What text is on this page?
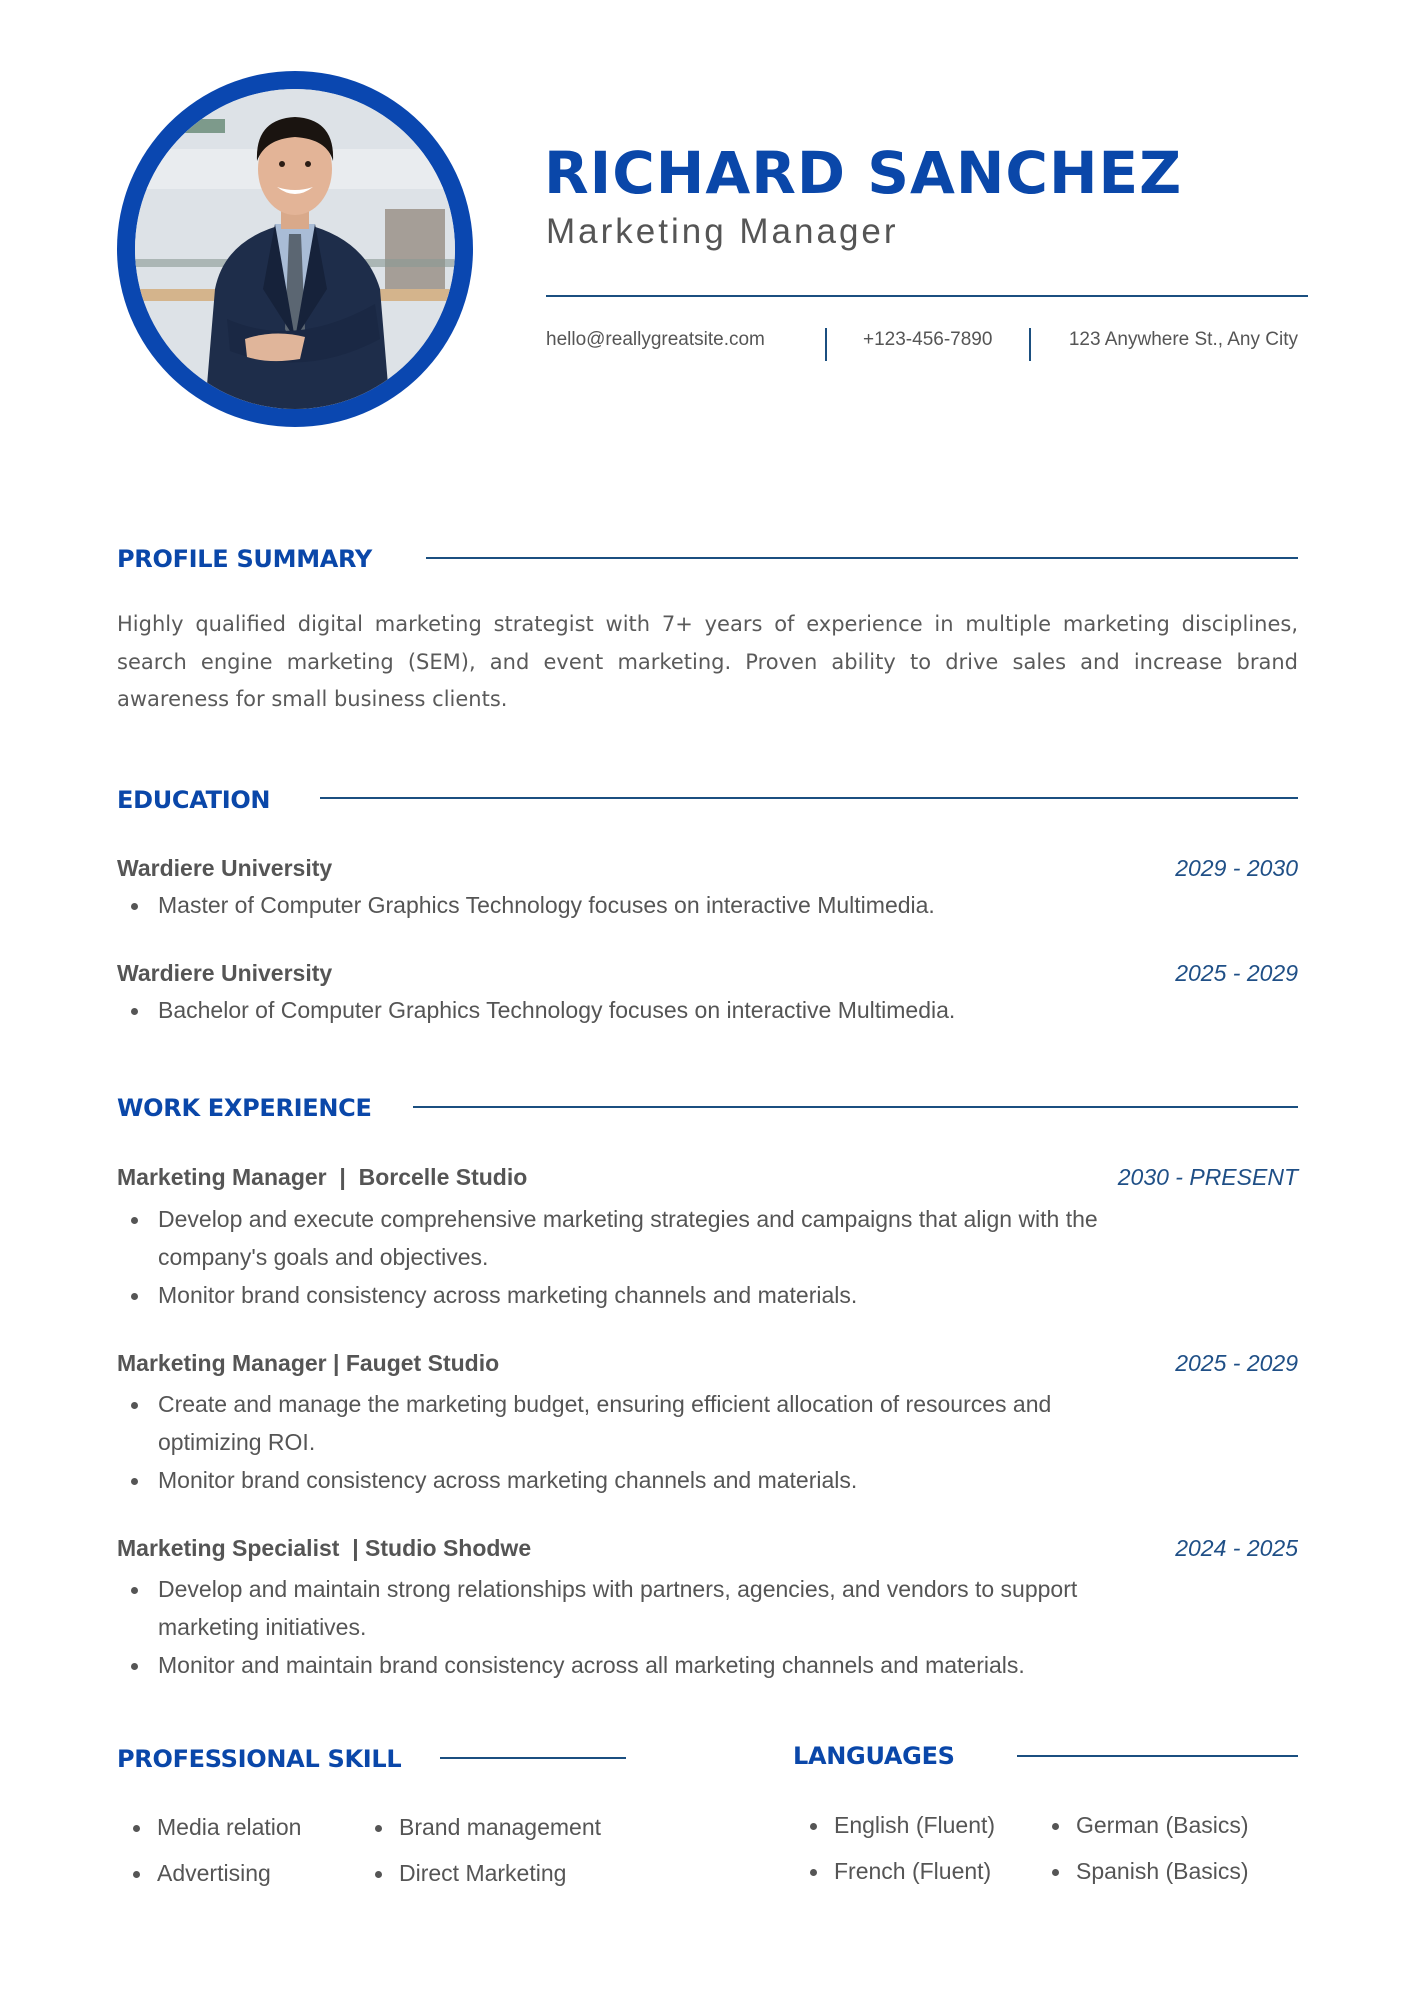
RICHARD SANCHEZ
Marketing Manager
hello@reallygreatsite.com	+123-456-7890	123 Anywhere St., Any City
PROFILE SUMMARY
Highly qualified digital marketing strategist with 7+ years of experience in multiple marketing disciplines, search engine marketing (SEM), and event marketing. Proven ability to drive sales and increase brand awareness for small business clients.
EDUCATION
Wardiere University	2029 - 2030
Master of Computer Graphics Technology focuses on interactive Multimedia.
Wardiere University	2025 - 2029
Bachelor of Computer Graphics Technology focuses on interactive Multimedia.
WORK EXPERIENCE
Marketing Manager  |  Borcelle Studio	2030 - PRESENT
Develop and execute comprehensive marketing strategies and campaigns that align with the company's goals and objectives.
Monitor brand consistency across marketing channels and materials.
Marketing Manager | Fauget Studio	2025 - 2029
Create and manage the marketing budget, ensuring efficient allocation of resources and optimizing ROI.
Monitor brand consistency across marketing channels and materials.
Marketing Specialist  | Studio Shodwe	2024 - 2025
Develop and maintain strong relationships with partners, agencies, and vendors to support marketing initiatives.
Monitor and maintain brand consistency across all marketing channels and materials.
PROFESSIONAL SKILL
Media relation	Brand management
Advertising	Direct Marketing
LANGUAGES
English (Fluent)	German (Basics)
French (Fluent)	Spanish (Basics)
